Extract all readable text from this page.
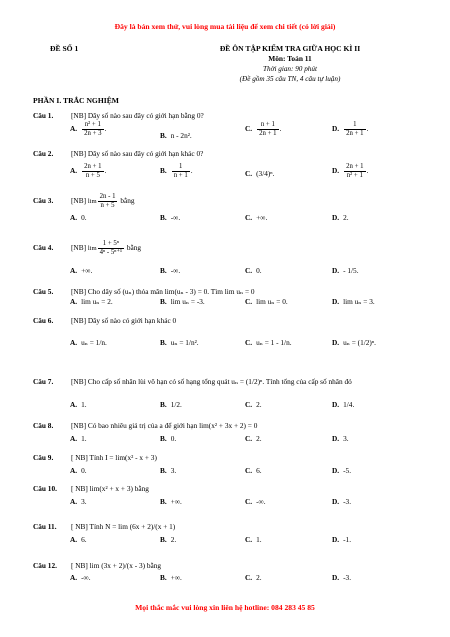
Đây là bản xem thử, vui lòng mua tài liệu để xem chi tiết (có lời giải)
ĐỀ SỐ 1	ĐỀ ÔN TẬP KIỂM TRA GIỮA HỌC KÌ II
Môn: Toán 11
Thời gian: 90 phút
(Đề gồm 35 câu TN, 4 câu tự luận)
PHẦN I. TRẮC NGHIỆM
Câu 1. [NB] Dãy số nào sau đây có giới hạn bằng 0?
A. $\frac{\text{n² + 1}}{2n + 3}$ .
B. n - 2n².
C. $\frac{n + 1}{2n + 1}$ .	D. $\frac{1}{2n + 1}$ .
Câu 2. [NB] Dãy số nào sau đây có giới hạn khác 0?
A. $\frac{2n + 1}{n + 5}$ .	B. $\frac{1}{n + 1}$ .	C. (3/4)ⁿ.	D. $\frac{2n + 1}{\text{n² + 1}}$ .
Câu 3. [NB] $\lim \frac{2n - 1}{n + 5}$ bằng
A. 0.	B. -∞.	C. +∞.	D. 2.
Câu 4. [NB] $\lim \frac{\text{1 + 5ⁿ}}{\text{4ⁿ - 5ⁿ⁺¹}}$ bằng
A. +∞.	B. -∞.	C. 0.	D. - 1/5.
Câu 5. [NB] Cho dãy số (uₙ) thỏa mãn lim(uₙ - 3) = 0. Tìm lim uₙ = 0
A. lim uₙ = 2.	B. lim uₙ = -3.	C. lim uₙ = 0.	D. lim uₙ = 3.
Câu 6. [NB] Dãy số nào có giới hạn khác 0
A. uₙ = 1/n.	B. uₙ = 1/n².	C. uₙ = 1 - 1/n.	D. uₙ = (1/2)ⁿ.
Câu 7. [NB] Cho cấp số nhân lùi vô hạn có số hạng tổng quát uₙ = (1/2)ⁿ. Tính tổng của cấp số nhân đó
A. 1.	B. 1/2.	C. 2.	D. 1/4.
Câu 8. [NB] Có bao nhiêu giá trị của a để giới hạn lim(x² + 3x + 2) = 0
A. 1.	B. 0.	C. 2.	D. 3.
Câu 9. [ NB] Tính I = lim(x² - x + 3)
A. 0.	B. 3.	C. 6.	D. -5.
Câu 10. [ NB] lim(x² + x + 3) bằng
A. 3.	B. +∞.	C. -∞.	D. -3.
Câu 11. [ NB] Tính N = lim (6x + 2)/(x + 1)
A. 6.	B. 2.	C. 1.	D. -1.
Câu 12. [ NB] lim (3x + 2)/(x - 3) bằng
A. -∞.	B. +∞.	C. 2.	D. -3.
Mọi thắc mắc vui lòng xin liên hệ hotline: 084 283 45 85
